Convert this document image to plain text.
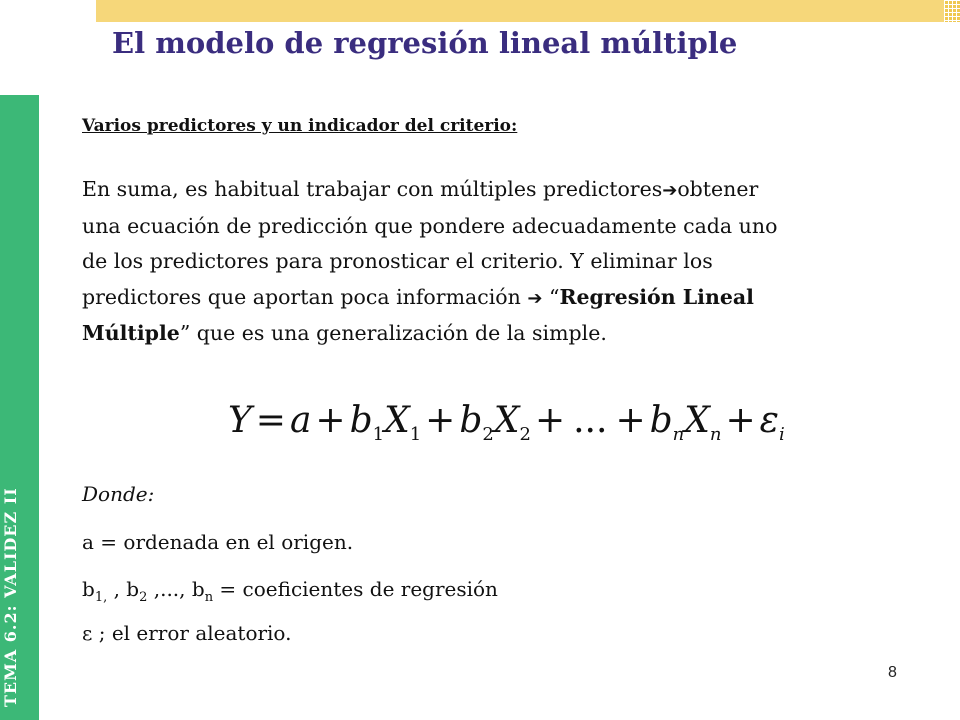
TEMA 6.2: VALIDEZ II
El modelo de regresión lineal múltiple
Varios predictores y un indicador del criterio:
En suma, es habitual trabajar con múltiples predictores➔obtener
una ecuación de predicción que pondere adecuadamente cada uno
de los predictores para pronosticar el criterio. Y eliminar los
predictores que aportan poca información ➔ “Regresión Lineal
Múltiple” que es una generalización de la simple.
$Y = a + b_1X_1 + b_2X_2$ + ... + $b_nX_n + \varepsilon_i$
Donde:
a = ordenada en el origen.
$b_{1,}$ , $b_2$ ,..., $b_n$ = coeficientes de regresión
ε ; el error aleatorio.
8
